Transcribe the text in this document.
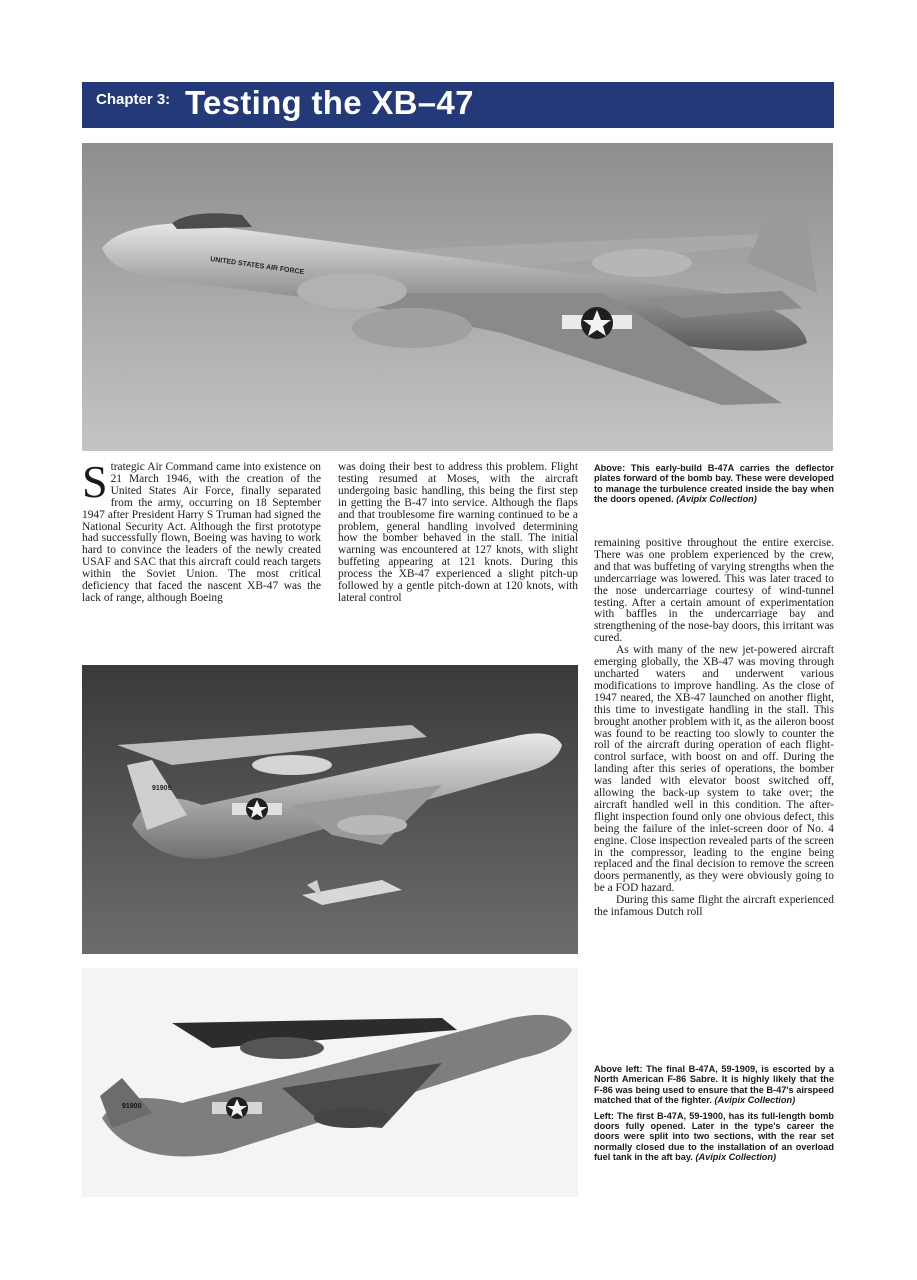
Chapter 3: Testing the XB–47
UNITED STATES AIR FORCE

Strategic Air Command came into existence on 21 March 1946, with the creation of the United States Air Force, finally separated from the army, occurring on 18 September 1947 after President Harry S Truman had signed the National Security Act. Although the first prototype had successfully flown, Boeing was having to work hard to convince the leaders of the newly created USAF and SAC that this aircraft could reach targets within the Soviet Union. The most critical deficiency that faced the nascent XB-47 was the lack of range, although Boeing

was doing their best to address this problem. Flight testing resumed at Moses, with the aircraft undergoing basic handling, this being the first step in getting the B-47 into service. Although the flaps and that troublesome fire warning continued to be a problem, general handling involved determining how the bomber behaved in the stall. The initial warning was encountered at 127 knots, with slight buffeting appearing at 121 knots. During this process the XB-47 experienced a slight pitch-up followed by a gentle pitch-down at 120 knots, with lateral control

Above: This early-build B-47A carries the deflector plates forward of the bomb bay. These were developed to manage the turbulence created inside the bay when the doors opened. (Avipix Collection)

remaining positive throughout the entire exercise. There was one problem experienced by the crew, and that was buffeting of varying strengths when the undercarriage was lowered. This was later traced to the nose undercarriage courtesy of wind-tunnel testing. After a certain amount of experimentation with baffles in the undercarriage bay and strengthening of the nose-bay doors, this irritant was cured.

As with many of the new jet-powered aircraft emerging globally, the XB-47 was moving through uncharted waters and underwent various modifications to improve handling. As the close of 1947 neared, the XB-47 launched on another flight, this time to investigate handling in the stall. This brought another problem with it, as the aileron boost was found to be reacting too slowly to counter the roll of the aircraft during operation of each flight-control surface, with boost on and off. During the landing after this series of operations, the bomber was landed with elevator boost switched off, allowing the back-up system to take over; the aircraft handled well in this condition. The after-flight inspection found only one obvious defect, this being the failure of the inlet-screen door of No. 4 engine. Close inspection revealed parts of the screen in the compressor, leading to the engine being replaced and the final decision to remove the screen doors permanently, as they were obviously going to be a FOD hazard.

During this same flight the aircraft experienced the infamous Dutch roll

91909
91900

Above left: The final B-47A, 59-1909, is escorted by a North American F-86 Sabre. It is highly likely that the F-86 was being used to ensure that the B-47's airspeed matched that of the fighter. (Avipix Collection)

Left: The first B-47A, 59-1900, has its full-length bomb doors fully opened. Later in the type's career the doors were split into two sections, with the rear set normally closed due to the installation of an overload fuel tank in the aft bay. (Avipix Collection)
